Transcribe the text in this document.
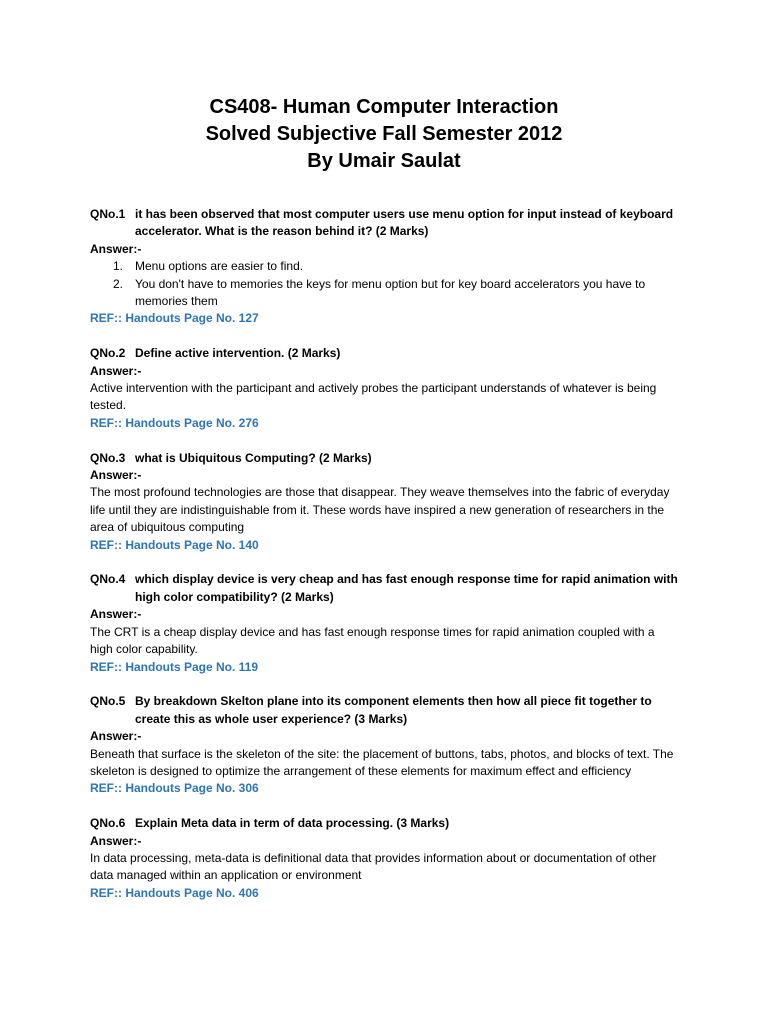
CS408- Human Computer Interaction
Solved Subjective Fall Semester 2012
By Umair Saulat
QNo.1 it has been observed that most computer users use menu option for input instead of keyboard accelerator. What is the reason behind it? (2 Marks)
Answer:-
1. Menu options are easier to find.
2. You don't have to memories the keys for menu option but for key board accelerators you have to memories them
REF:: Handouts Page No. 127
QNo.2 Define active intervention. (2 Marks)
Answer:-
Active intervention with the participant and actively probes the participant understands of whatever is being tested.
REF:: Handouts Page No. 276
QNo.3 what is Ubiquitous Computing? (2 Marks)
Answer:-
The most profound technologies are those that disappear. They weave themselves into the fabric of everyday life until they are indistinguishable from it. These words have inspired a new generation of researchers in the area of ubiquitous computing
REF:: Handouts Page No. 140
QNo.4 which display device is very cheap and has fast enough response time for rapid animation with high color compatibility? (2 Marks)
Answer:-
The CRT is a cheap display device and has fast enough response times for rapid animation coupled with a high color capability.
REF:: Handouts Page No. 119
QNo.5 By breakdown Skelton plane into its component elements then how all piece fit together to create this as whole user experience? (3 Marks)
Answer:-
Beneath that surface is the skeleton of the site: the placement of buttons, tabs, photos, and blocks of text. The skeleton is designed to optimize the arrangement of these elements for maximum effect and efficiency
REF:: Handouts Page No. 306
QNo.6 Explain Meta data in term of data processing. (3 Marks)
Answer:-
In data processing, meta-data is definitional data that provides information about or documentation of other data managed within an application or environment
REF:: Handouts Page No. 406
